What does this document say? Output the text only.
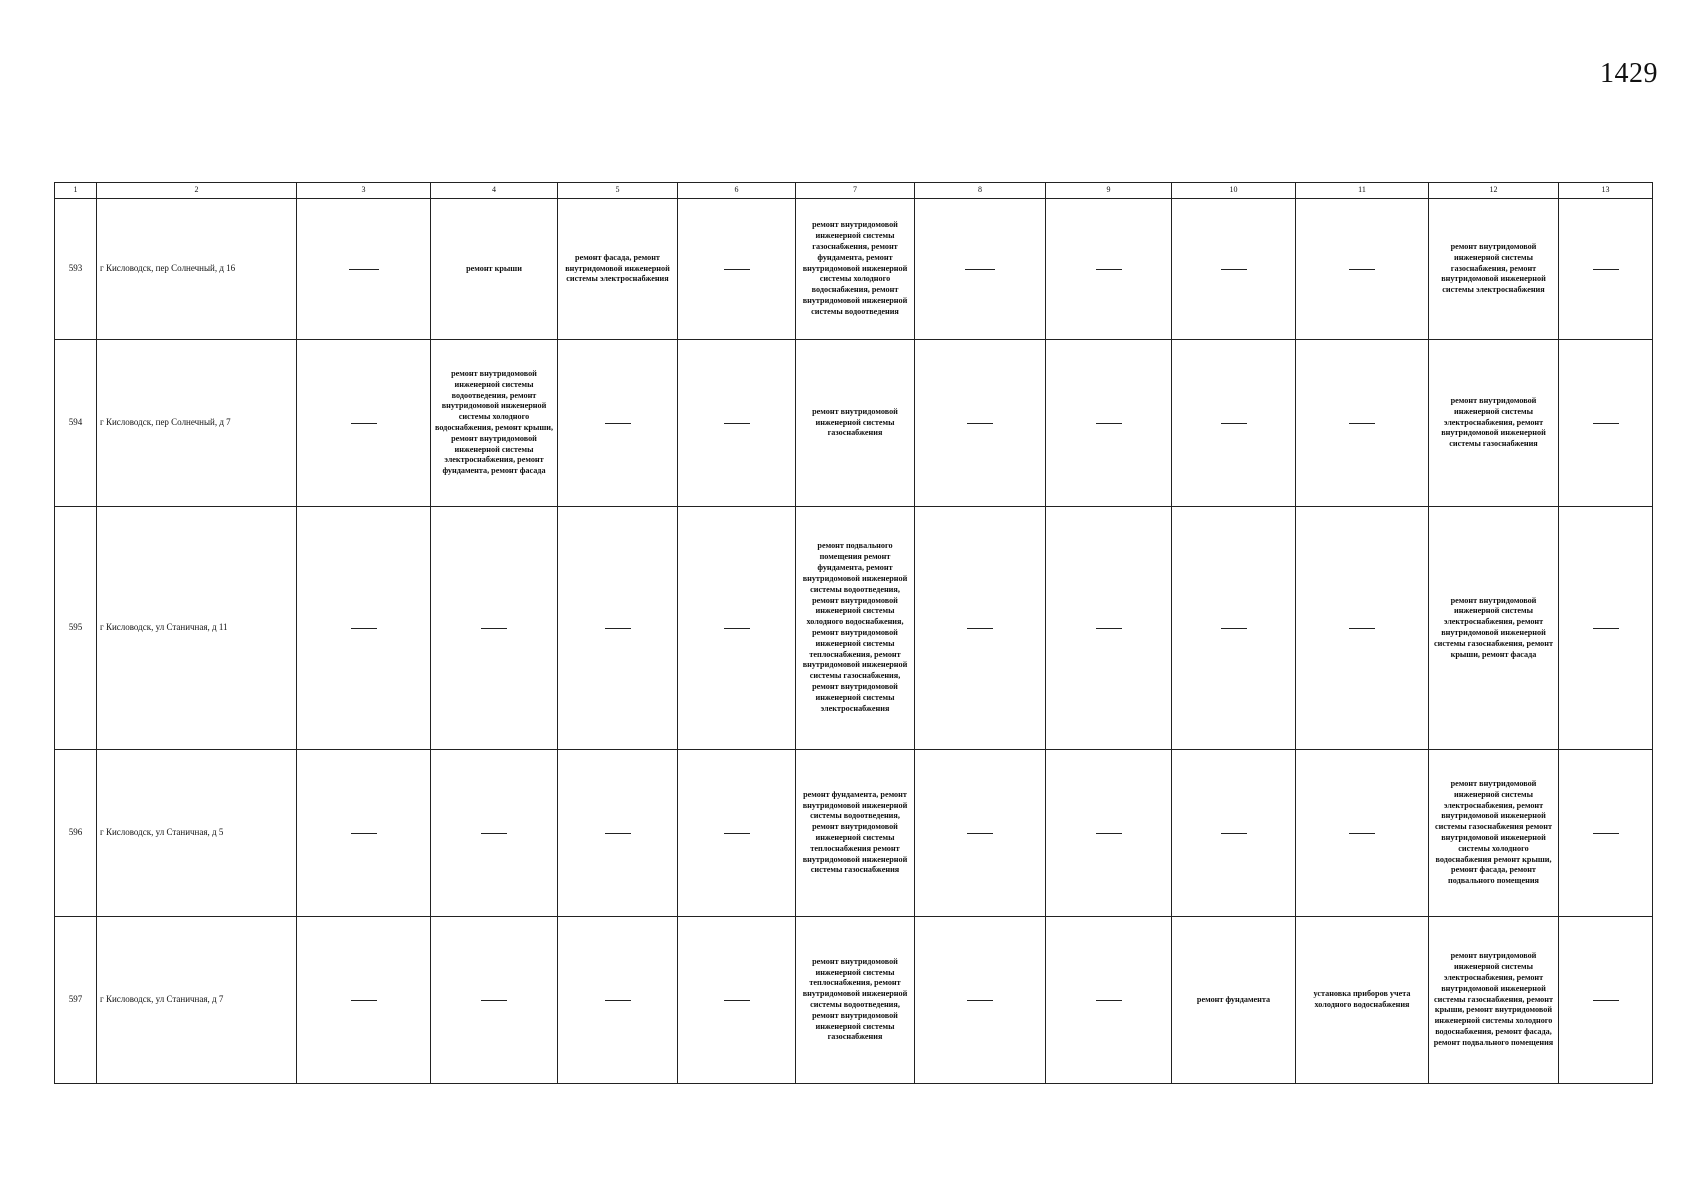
1429
1	2	3	4	5	6	7	8	9	10	11	12	13
593	г Кисловодск, пер Солнечный, д 16		ремонт крыши	ремонт фасада, ремонт внутридомовой инженерной системы электроснабжения		ремонт внутридомовой инженерной системы газоснабжения, ремонт фундамента, ремонт внутридомовой инженерной системы холодного водоснабжения, ремонт внутридомовой инженерной системы водоотведения					ремонт внутридомовой инженерной системы газоснабжения, ремонт внутридомовой инженерной системы электроснабжения	
594	г Кисловодск, пер Солнечный, д 7		ремонт внутридомовой инженерной системы водоотведения, ремонт внутридомовой инженерной системы холодного водоснабжения, ремонт крыши, ремонт внутридомовой инженерной системы электроснабжения, ремонт фундамента, ремонт фасада			ремонт внутридомовой инженерной системы газоснабжения					ремонт внутридомовой инженерной системы электроснабжения, ремонт внутридомовой инженерной системы газоснабжения	
595	г Кисловодск, ул Станичная, д 11					ремонт подвального помещения ремонт фундамента, ремонт внутридомовой инженерной системы водоотведения, ремонт внутридомовой инженерной системы холодного водоснабжения, ремонт внутридомовой инженерной системы теплоснабжения, ремонт внутридомовой инженерной системы газоснабжения, ремонт внутридомовой инженерной системы электроснабжения					ремонт внутридомовой инженерной системы электроснабжения, ремонт внутридомовой инженерной системы газоснабжения, ремонт крыши, ремонт фасада	
596	г Кисловодск, ул Станичная, д 5					ремонт фундамента, ремонт внутридомовой инженерной системы водоотведения, ремонт внутридомовой инженерной системы теплоснабжения ремонт внутридомовой инженерной системы газоснабжения					ремонт внутридомовой инженерной системы электроснабжения, ремонт внутридомовой инженерной системы газоснабжения ремонт внутридомовой инженерной системы холодного водоснабжения ремонт крыши, ремонт фасада, ремонт подвального помещения	
597	г Кисловодск, ул Станичная, д 7					ремонт внутридомовой инженерной системы теплоснабжения, ремонт внутридомовой инженерной системы водоотведения, ремонт внутридомовой инженерной системы газоснабжения			ремонт фундамента	установка приборов учета холодного водоснабжения	ремонт внутридомовой инженерной системы электроснабжения, ремонт внутридомовой инженерной системы газоснабжения, ремонт крыши, ремонт внутридомовой инженерной системы холодного водоснабжения, ремонт фасада, ремонт подвального помещения	
